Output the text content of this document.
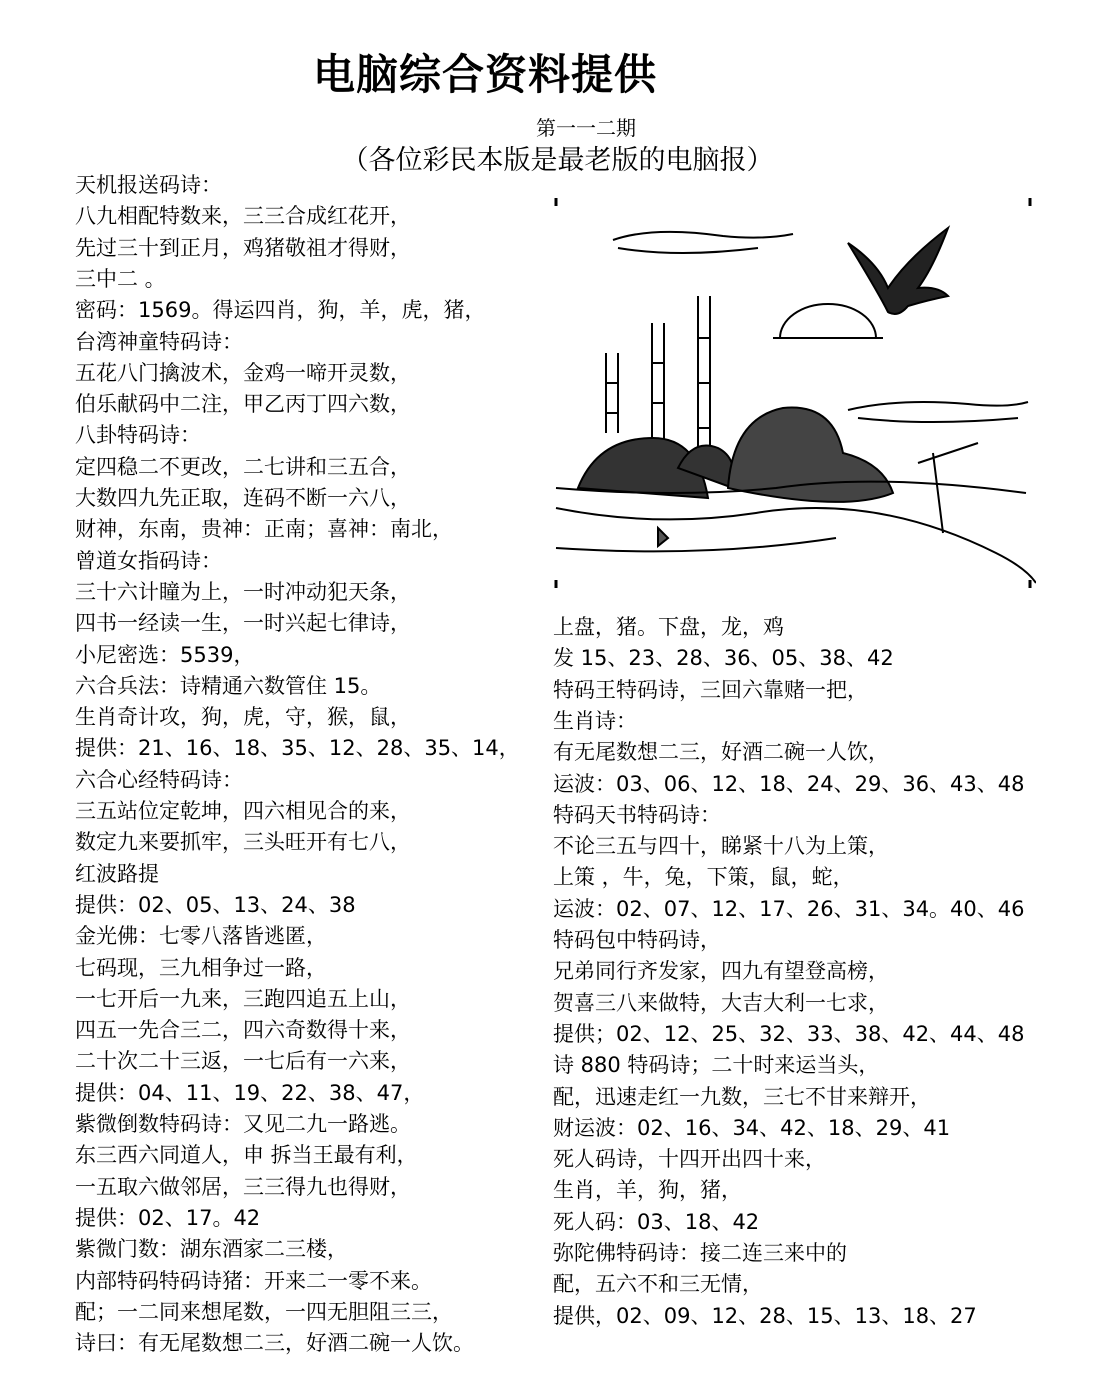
电脑综合资料提供
第一一二期
（各位彩民本版是最老版的电脑报）
天机报送码诗：
八九相配特数来，三三合成红花开，
先过三十到正月，鸡猪敬祖才得财，
三中二 。
密码：1569。得运四肖，狗，羊，虎，猪，
台湾神童特码诗：
五花八门擒波术，金鸡一啼开灵数，
伯乐献码中二注，甲乙丙丁四六数，
八卦特码诗：
定四稳二不更改，二七讲和三五合，
大数四九先正取，连码不断一六八，
财神，东南，贵神：正南；喜神：南北，
曾道女指码诗：
三十六计瞳为上，一时冲动犯天条，
四书一经读一生，一时兴起七律诗，
小尼密选：5539，
六合兵法：诗精通六数管住 15。
生肖奇计攻，狗，虎，守，猴，鼠，
提供：21、16、18、35、12、28、35、14，
六合心经特码诗：
三五站位定乾坤，四六相见合的来，
数定九来要抓牢，三头旺开有七八，
红波路提
提供：02、05、13、24、38
金光佛：七零八落皆逃匿，
七码现，三九相争过一路，
一七开后一九来，三跑四追五上山，
四五一先合三二，四六奇数得十来，
二十次二十三返，一七后有一六来，
提供：04、11、19、22、38、47，
紫微倒数特码诗：又见二九一路逃。
东三西六同道人，申 拆当王最有利，
一五取六做邻居，三三得九也得财，
提供：02、17。42
紫微门数：湖东酒家二三楼，
内部特码特码诗猪：开来二一零不来。
配；一二同来想尾数，一四无胆阻三三，
诗曰：有无尾数想二三，好酒二碗一人饮。
上盘，猪。下盘，龙，鸡
发 15、23、28、36、05、38、42
特码王特码诗，三回六靠赌一把，
生肖诗：
有无尾数想二三，好酒二碗一人饮，
运波：03、06、12、18、24、29、36、43、48
特码天书特码诗：
不论三五与四十，睇紧十八为上策，
上策 ，牛，兔，下策，鼠，蛇，
运波：02、07、12、17、26、31、34。40、46
特码包中特码诗，
兄弟同行齐发家，四九有望登高榜，
贺喜三八来做特，大吉大利一七求，
提供；02、12、25、32、33、38、42、44、48
诗 880 特码诗；二十时来运当头，
配，迅速走红一九数，三七不甘来辩开，
财运波：02、16、34、42、18、29、41
死人码诗，十四开出四十来，
生肖，羊，狗，猪，
死人码：03、18、42
弥陀佛特码诗：接二连三来中的
配，五六不和三无情，
提供，02、09、12、28、15、13、18、27
